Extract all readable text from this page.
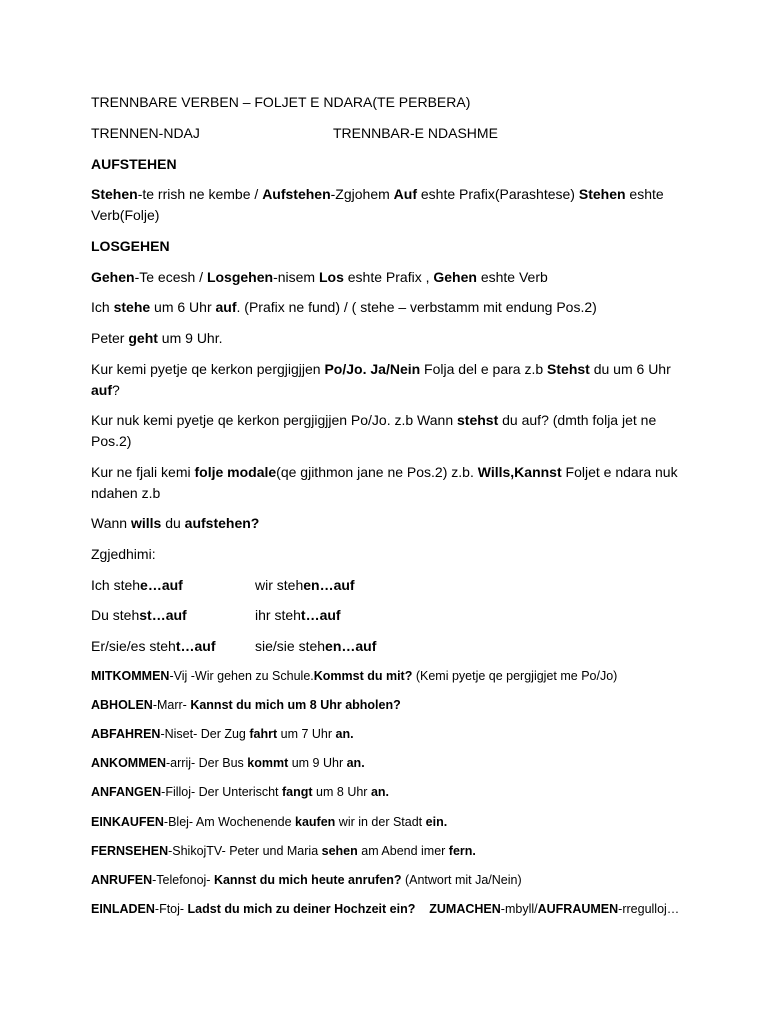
TRENNBARE VERBEN – FOLJET E NDARA(TE PERBERA)
TRENNEN-NDAJ	TRENNBAR-E NDASHME
AUFSTEHEN
Stehen-te rrish ne kembe / Aufstehen-Zgjohem Auf eshte Prafix(Parashtese) Stehen eshte
Verb(Folje)
LOSGEHEN
Gehen-Te ecesh / Losgehen-nisem Los eshte Prafix , Gehen eshte Verb
Ich stehe um 6 Uhr auf. (Prafix ne fund) / ( stehe – verbstamm mit endung Pos.2)
Peter geht um 9 Uhr.
Kur kemi pyetje qe kerkon pergjigjjen Po/Jo. Ja/Nein Folja del e para z.b Stehst du um 6 Uhr
auf?
Kur nuk kemi pyetje qe kerkon pergjigjjen Po/Jo. z.b Wann stehst du auf? (dmth folja jet ne
Pos.2)
Kur ne fjali kemi folje modale(qe gjithmon jane ne Pos.2) z.b. Wills,Kannst Foljet e ndara nuk
ndahen z.b
Wann wills du aufstehen?
Zgjedhimi:
Ich stehe…auf	wir stehen…auf
Du stehst…auf	ihr steht…auf
Er/sie/es steht…auf	sie/sie stehen…auf
MITKOMMEN-Vij -Wir gehen zu Schule.Kommst du mit? (Kemi pyetje qe pergjigjet me Po/Jo)
ABHOLEN-Marr- Kannst du mich um 8 Uhr abholen?
ABFAHREN-Niset- Der Zug fahrt um 7 Uhr an.
ANKOMMEN-arrij- Der Bus kommt um 9 Uhr an.
ANFANGEN-Filloj- Der Unterischt fangt um 8 Uhr an.
EINKAUFEN-Blej- Am Wochenende kaufen wir in der Stadt ein.
FERNSEHEN-ShikojTV- Peter und Maria sehen am Abend imer fern.
ANRUFEN-Telefonoj- Kannst du mich heute anrufen? (Antwort mit Ja/Nein)
EINLADEN-Ftoj- Ladst du mich zu deiner Hochzeit ein? ZUMACHEN-mbyll/AUFRAUMEN-rregulloj…
